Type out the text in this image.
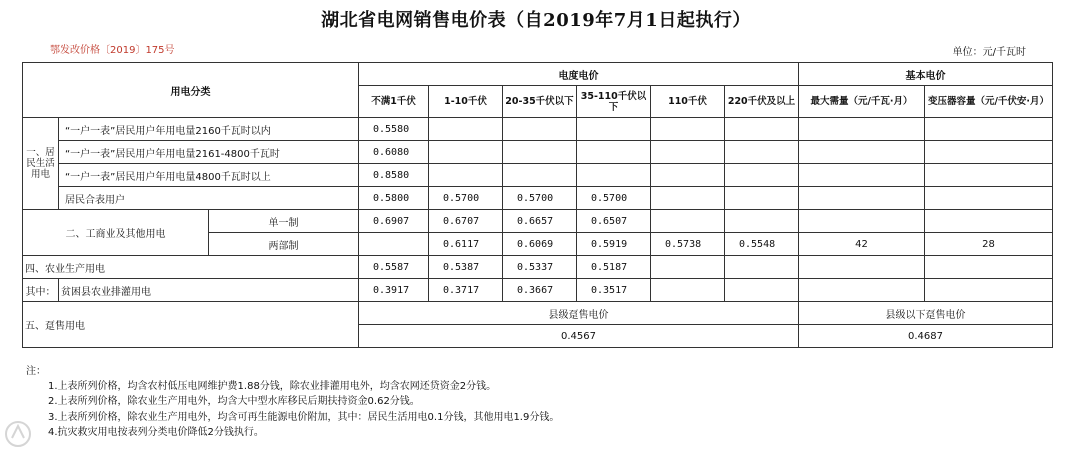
湖北省电网销售电价表（自2019年7月1日起执行）
鄂发改价格〔2019〕175号	单位：元/千瓦时
用电分类			电度电价						基本电价	
			不满1千伏	1-10千伏	20-35千伏以下	35-110千伏以下	110千伏	220千伏及以上	最大需量（元/千瓦·月）	变压器容量（元/千伏安·月）
一、居民生活用电	“一户一表”居民用户年用电量2160千瓦时以内		0.5580							
	“一户一表”居民用户年用电量2161-4800千瓦时		0.6080							
	“一户一表”居民用户年用电量4800千瓦时以上		0.8580							
	居民合表用户		0.5800	0.5700	0.5700	0.5700				
二、工商业及其他用电		单一制	0.6907	0.6707	0.6657	0.6507				
		两部制		0.6117	0.6069	0.5919	0.5738	0.5548	42	28
四、农业生产用电			0.5587	0.5387	0.5337	0.5187				
其中：	贫困县农业排灌用电		0.3917	0.3717	0.3667	0.3517				
五、趸售用电			县级趸售电价						县级以下趸售电价	
			0.4567						0.4687	
注：
1.上表所列价格，均含农村低压电网维护费1.88分钱，除农业排灌用电外，均含农网还贷资金2分钱。
2.上表所列价格，除农业生产用电外，均含大中型水库移民后期扶持资金0.62分钱。
3.上表所列价格，除农业生产用电外，均含可再生能源电价附加，其中：居民生活用电0.1分钱，其他用电1.9分钱。
4.抗灾救灾用电按表列分类电价降低2分钱执行。
